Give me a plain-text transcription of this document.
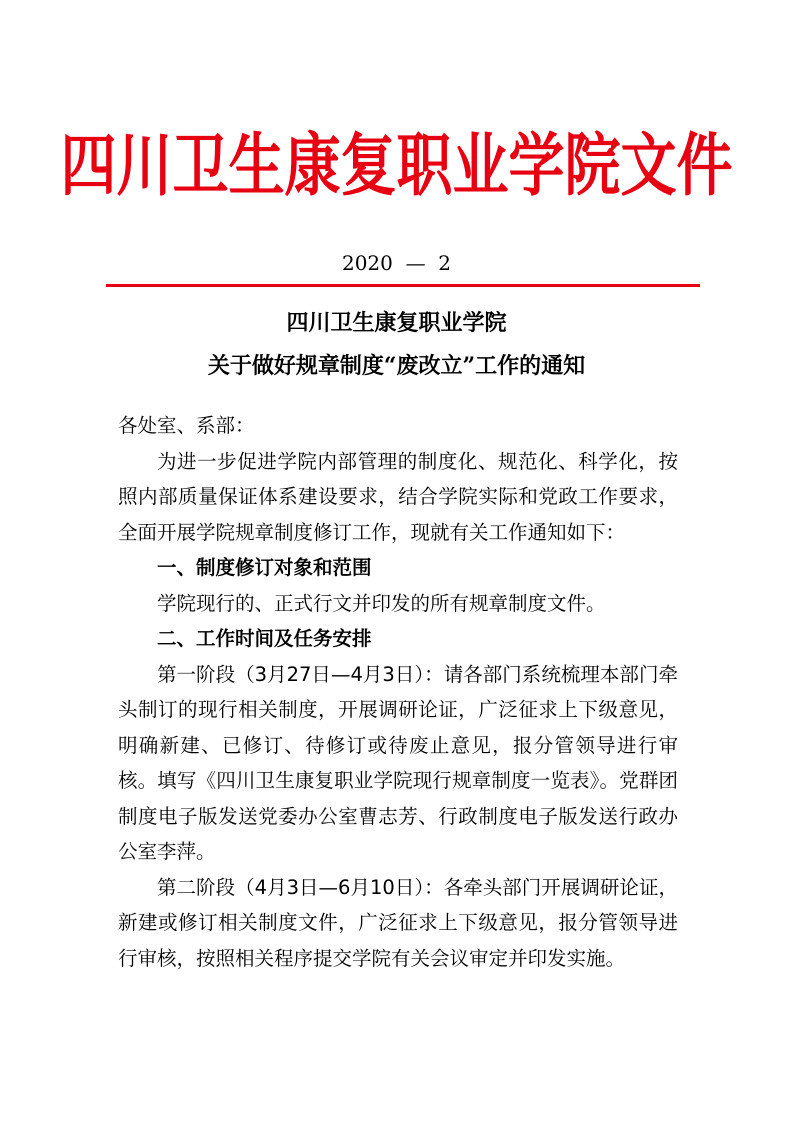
四川卫生康复职业学院文件
2020  —  2
四川卫生康复职业学院
关于做好规章制度“废改立”工作的通知

各处室、系部：

为进一步促进学院内部管理的制度化、规范化、科学化，按照内部质量保证体系建设要求，结合学院实际和党政工作要求，全面开展学院规章制度修订工作，现就有关工作通知如下：

一、制度修订对象和范围

学院现行的、正式行文并印发的所有规章制度文件。

二、工作时间及任务安排

第一阶段（3月27日—4月3日）：请各部门系统梳理本部门牵头制订的现行相关制度，开展调研论证，广泛征求上下级意见，明确新建、已修订、待修订或待废止意见，报分管领导进行审核。填写《四川卫生康复职业学院现行规章制度一览表》。党群团制度电子版发送党委办公室曹志芳、行政制度电子版发送行政办公室李萍。

第二阶段（4月3日—6月10日）：各牵头部门开展调研论证，新建或修订相关制度文件，广泛征求上下级意见，报分管领导进行审核，按照相关程序提交学院有关会议审定并印发实施。
